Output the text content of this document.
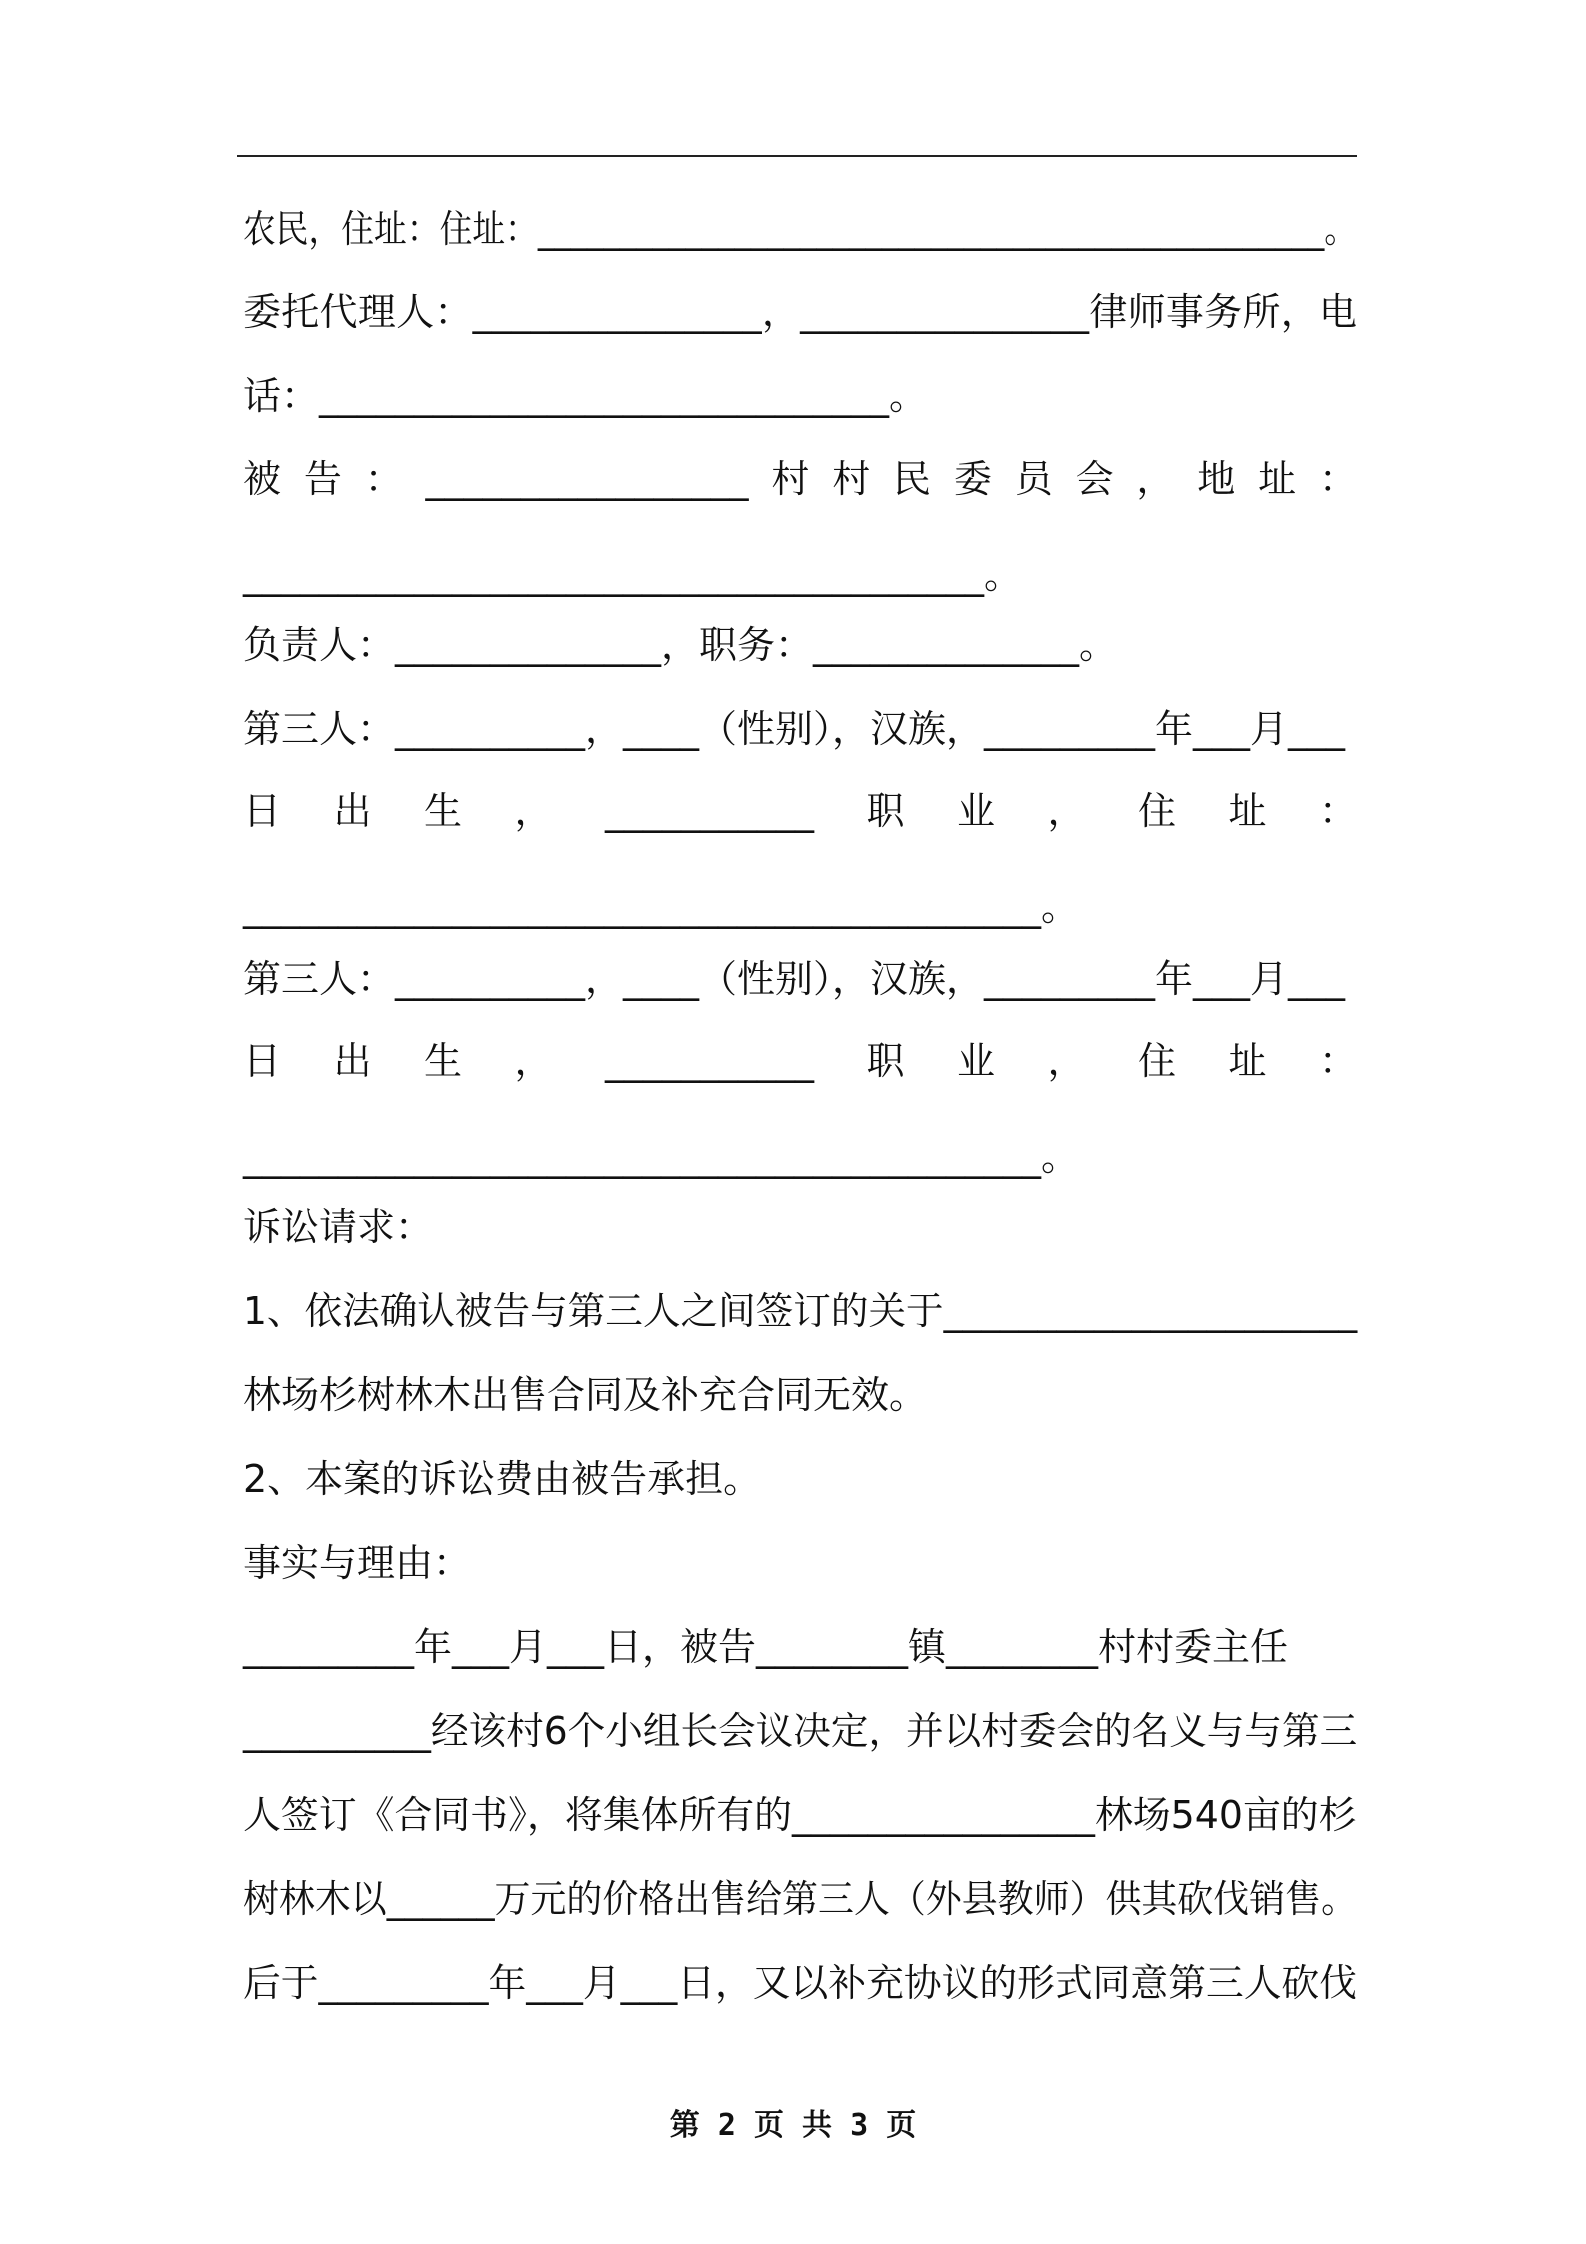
农民，住址：住址：________________________________________________。
委托代理人：_______________，_______________律师事务所，电
话：______________________________。
被 告 ： _________________ 村 村 民 委 员 会 ， 地 址 ：
_______________________________________。
负责人：______________，职务：______________。
第三人：__________，____（性别），汉族，_________年___月___
日 出 生 ， ___________ 职 业 ， 住 址 ：
__________________________________________。
第三人：__________，____（性别），汉族，_________年___月___
日 出 生 ， ___________ 职 业 ， 住 址 ：
__________________________________________。
诉讼请求：
1、依法确认被告与第三人之间签订的关于______________________
林场杉树林木出售合同及补充合同无效。
2、本案的诉讼费由被告承担。
事实与理由：
_________年___月___日，被告________镇________村村委主任
__________经该村6个小组长会议决定，并以村委会的名义与与第三
人签订《合同书》，将集体所有的________________林场540亩的杉
树林木以______万元的价格出售给第三人（外县教师）供其砍伐销售。
后于_________年___月___日，又以补充协议的形式同意第三人砍伐
第 2 页 共 3 页
